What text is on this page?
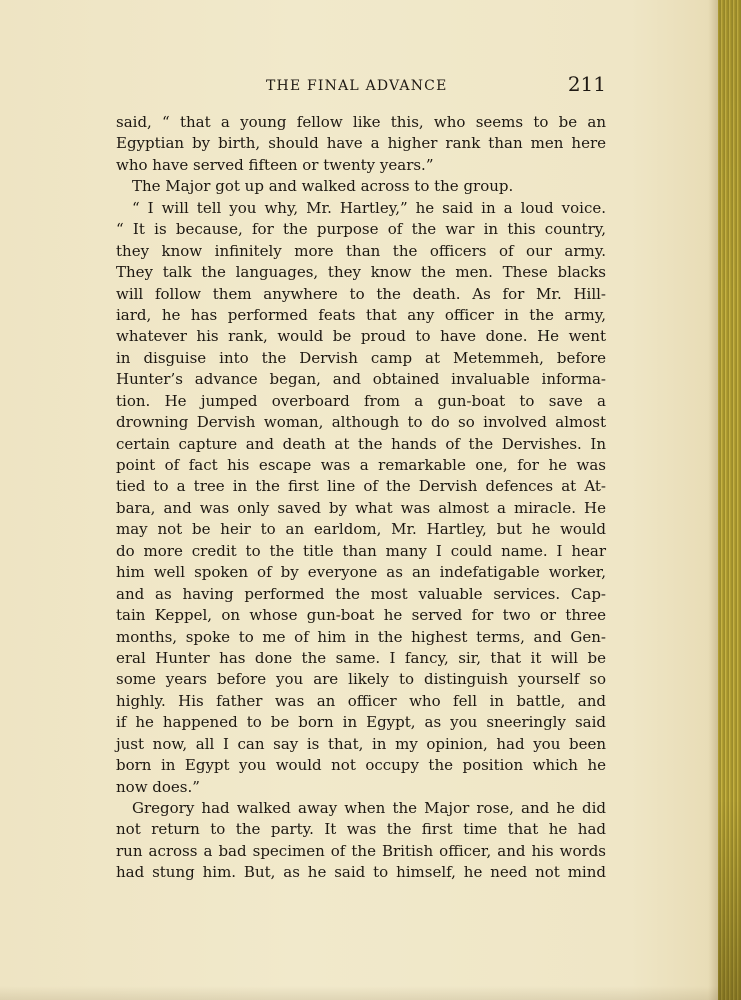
THE FINAL ADVANCE	211
said, “ that a young fellow like this, who seems to be an
Egyptian by birth, should have a higher rank than men here
who have served fifteen or twenty years.”
The Major got up and walked across to the group.
“ I will tell you why, Mr. Hartley,” he said in a loud voice.
“ It is because, for the purpose of the war in this country,
they know infinitely more than the officers of our army.
They talk the languages, they know the men. These blacks
will follow them anywhere to the death. As for Mr. Hill-
iard, he has performed feats that any officer in the army,
whatever his rank, would be proud to have done. He went
in disguise into the Dervish camp at Metemmeh, before
Hunter’s advance began, and obtained invaluable informa-
tion. He jumped overboard from a gun-boat to save a
drowning Dervish woman, although to do so involved almost
certain capture and death at the hands of the Dervishes. In
point of fact his escape was a remarkable one, for he was
tied to a tree in the first line of the Dervish defences at At-
bara, and was only saved by what was almost a miracle. He
may not be heir to an earldom, Mr. Hartley, but he would
do more credit to the title than many I could name. I hear
him well spoken of by everyone as an indefatigable worker,
and as having performed the most valuable services. Cap-
tain Keppel, on whose gun-boat he served for two or three
months, spoke to me of him in the highest terms, and Gen-
eral Hunter has done the same. I fancy, sir, that it will be
some years before you are likely to distinguish yourself so
highly. His father was an officer who fell in battle, and
if he happened to be born in Egypt, as you sneeringly said
just now, all I can say is that, in my opinion, had you been
born in Egypt you would not occupy the position which he
now does.”
Gregory had walked away when the Major rose, and he did
not return to the party. It was the first time that he had
run across a bad specimen of the British officer, and his words
had stung him. But, as he said to himself, he need not mind
